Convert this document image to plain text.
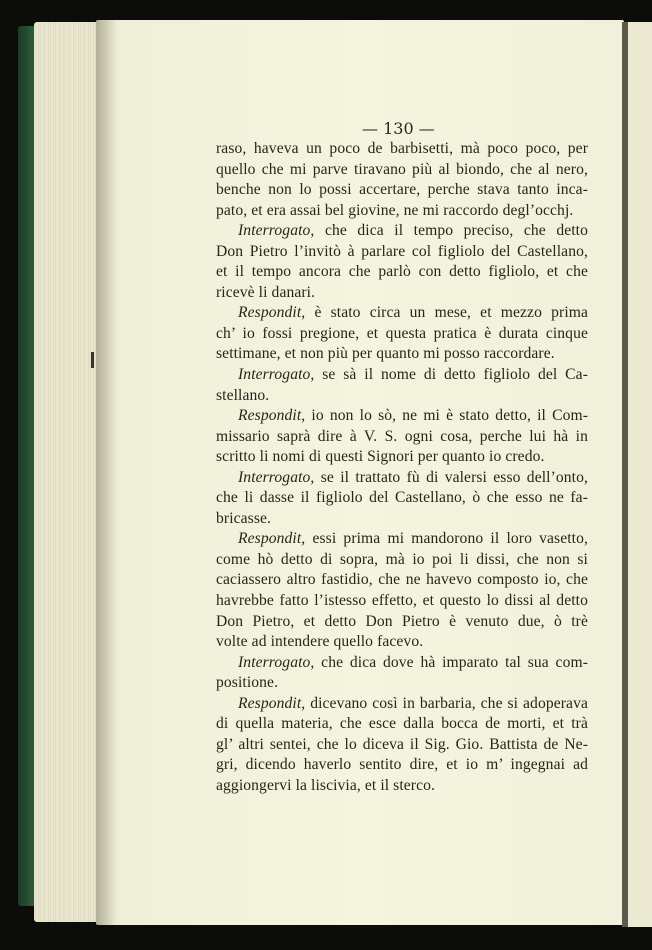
— 130 —

raso, haveva un poco de barbisetti, mà poco poco, per
quello che mi parve tiravano più al biondo, che al nero,
benche non lo possi accertare, perche stava tanto inca-
pato, et era assai bel giovine, ne mi raccordo degl’occhj.

Interrogato, che dica il tempo preciso, che detto
Don Pietro l’invitò à parlare col figliolo del Castellano,
et il tempo ancora che parlò con detto figliolo, et che
ricevè li danari.

Respondit, è stato circa un mese, et mezzo prima
ch’ io fossi pregione, et questa pratica è durata cinque
settimane, et non più per quanto mi posso raccordare.

Interrogato, se sà il nome di detto figliolo del Ca-
stellano.

Respondit, io non lo sò, ne mi è stato detto, il Com-
missario saprà dire à V. S. ogni cosa, perche lui hà in
scritto li nomi di questi Signori per quanto io credo.

Interrogato, se il trattato fù di valersi esso dell’onto,
che li dasse il figliolo del Castellano, ò che esso ne fa-
bricasse.

Respondit, essi prima mi mandorono il loro vasetto,
come hò detto di sopra, mà io poi li dissi, che non si
caciassero altro fastidio, che ne havevo composto io, che
havrebbe fatto l’istesso effetto, et questo lo dissi al detto
Don Pietro, et detto Don Pietro è venuto due, ò trè
volte ad intendere quello facevo.

Interrogato, che dica dove hà imparato tal sua com-
positione.

Respondit, dicevano così in barbaria, che si adoperava
di quella materia, che esce dalla bocca de morti, et trà
gl’ altri sentei, che lo diceva il Sig. Gio. Battista de Ne-
gri, dicendo haverlo sentito dire, et io m’ ingegnai ad
aggiongervi la liscivia, et il sterco.
